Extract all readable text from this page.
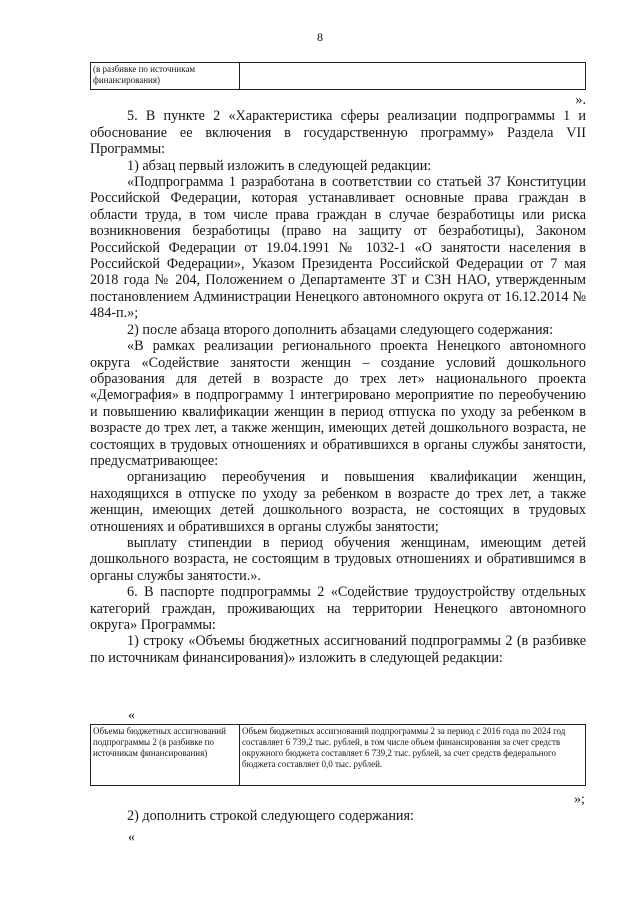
8
(в разбивке по источникам финансирования)	

».

5. В пункте 2 «Характеристика сферы реализации подпрограммы 1 и обоснование ее включения в государственную программу» Раздела VII Программы:

1) абзац первый изложить в следующей редакции:

«Подпрограмма 1 разработана в соответствии со статьей 37 Конституции Российской Федерации, которая устанавливает основные права граждан в области труда, в том числе права граждан в случае безработицы или риска возникновения безработицы (право на защиту от безработицы), Законом Российской Федерации от 19.04.1991 № 1032-1 «О занятости населения в Российской Федерации», Указом Президента Российской Федерации от 7 мая 2018 года № 204, Положением о Департаменте ЗТ и СЗН НАО, утвержденным постановлением Администрации Ненецкого автономного округа от 16.12.2014 № 484-п.»;

2) после абзаца второго дополнить абзацами следующего содержания:

«В рамках реализации регионального проекта Ненецкого автономного округа «Содействие занятости женщин – создание условий дошкольного образования для детей в возрасте до трех лет» национального проекта «Демография» в подпрограмму 1 интегрировано мероприятие по переобучению и повышению квалификации женщин в период отпуска по уходу за ребенком в возрасте до трех лет, а также женщин, имеющих детей дошкольного возраста, не состоящих в трудовых отношениях и обратившихся в органы службы занятости, предусматривающее:

организацию переобучения и повышения квалификации женщин, находящихся в отпуске по уходу за ребенком в возрасте до трех лет, а также женщин, имеющих детей дошкольного возраста, не состоящих в трудовых отношениях и обратившихся в органы службы занятости;

выплату стипендии в период обучения женщинам, имеющим детей дошкольного возраста, не состоящим в трудовых отношениях и обратившимся в органы службы занятости.».

6. В паспорте подпрограммы 2 «Содействие трудоустройству отдельных категорий граждан, проживающих на территории Ненецкого автономного округа» Программы:

1) строку «Объемы бюджетных ассигнований подпрограммы 2 (в разбивке по источникам финансирования)» изложить в следующей редакции:

«
Объемы бюджетных ассигнований подпрограммы 2 (в разбивке по источникам финансирования)	Объем бюджетных ассигнований подпрограммы 2 за период с 2016 года по 2024 год составляет 6 739,2 тыс. рублей, в том числе объем финансирования за счет средств окружного бюджета составляет 6 739,2 тыс. рублей, за счет средств федерального бюджета составляет 0,0 тыс. рублей.
»;

2) дополнить строкой следующего содержания:

«
